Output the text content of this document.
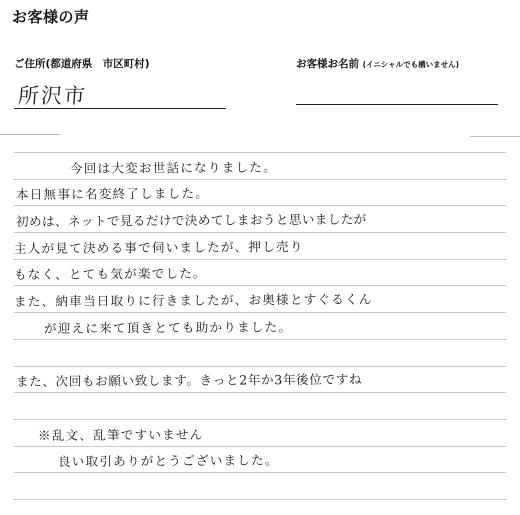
お客様の声
ご住所(都道府県　市区町村)
所沢市
お客様お名前 (イニシャルでも構いません)
今回は大変お世話になりました。
本日無事に名変終了しました。
初めは、ネットで見るだけで決めてしまおうと思いましたが
主人が見て決める事で伺いましたが、押し売り
もなく、とても気が楽でした。
また、納車当日取りに行きましたが、お奥様とすぐるくん
が迎えに来て頂きとても助かりました。
また、次回もお願い致します。きっと2年か3年後位ですね
※乱文、乱筆ですいません
良い取引ありがとうございました。
